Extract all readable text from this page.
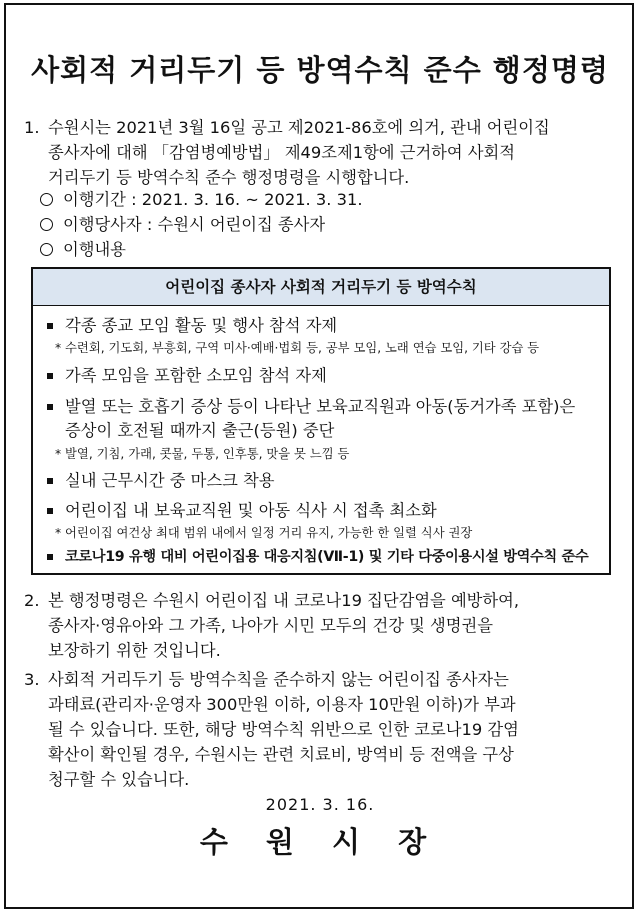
사회적 거리두기 등 방역수칙 준수 행정명령
1. 수원시는 2021년 3월 16일 공고 제2021-86호에 의거, 관내 어린이집
종사자에 대해 「감염병예방법」 제49조제1항에 근거하여 사회적
거리두기 등 방역수칙 준수 행정명령을 시행합니다.
이행기간 : 2021. 3. 16. ~ 2021. 3. 31.
이행당사자 : 수원시 어린이집 종사자
이행내용
어린이집 종사자 사회적 거리두기 등 방역수칙
각종 종교 모임 활동 및 행사 참석 자제
* 수련회, 기도회, 부흥회, 구역 미사·예배·법회 등, 공부 모임, 노래 연습 모임, 기타 강습 등
가족 모임을 포함한 소모임 참석 자제
발열 또는 호흡기 증상 등이 나타난 보육교직원과 아동(동거가족 포함)은
증상이 호전될 때까지 출근(등원) 중단
* 발열, 기침, 가래, 콧물, 두통, 인후통, 맛을 못 느낌 등
실내 근무시간 중 마스크 착용
어린이집 내 보육교직원 및 아동 식사 시 접촉 최소화
* 어린이집 여건상 최대 범위 내에서 일정 거리 유지, 가능한 한 일렬 식사 권장
코로나19 유행 대비 어린이집용 대응지침(Ⅶ-1) 및 기타 다중이용시설 방역수칙 준수
2. 본 행정명령은 수원시 어린이집 내 코로나19 집단감염을 예방하여,
종사자·영유아와 그 가족, 나아가 시민 모두의 건강 및 생명권을
보장하기 위한 것입니다.
3. 사회적 거리두기 등 방역수칙을 준수하지 않는 어린이집 종사자는
과태료(관리자·운영자 300만원 이하, 이용자 10만원 이하)가 부과
될 수 있습니다. 또한, 해당 방역수칙 위반으로 인한 코로나19 감염
확산이 확인될 경우, 수원시는 관련 치료비, 방역비 등 전액을 구상
청구할 수 있습니다.
2021. 3. 16.
수 원 시 장
